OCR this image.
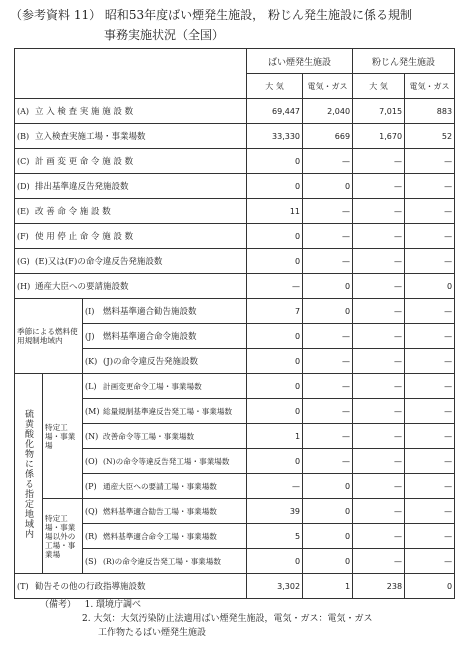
（参考資料 11） 昭和53年度ばい煙発生施設， 粉じん発生施設に係る規制
事務実施状況（全国）
			ばい煙発生施設		粉じん発生施設	
			大 気	電気・ガス	大 気	電気・ガス
(A) 立 入 検 査 実 施 施 設 数			69,447	2,040	7,015	883
(B) 立入検査実施工場・事業場数			33,330	669	1,670	52
(C) 計 画 変 更 命 令 施 設 数			0	—	—	—
(D) 排出基準違反告発施設数			0	0	—	—
(E) 改 善 命 令 施 設 数			11	—	—	—
(F) 使 用 停 止 命 令 施 設 数			0	—	—	—
(G) (E)又は(F)の命令違反告発施設数			0	—	—	—
(H) 通産大臣への要請施設数			—	0	—	0
季節による燃料使用規制地域内		(I) 燃料基準適合勧告施設数	7	0	—	—
		(J) 燃料基準適合命令施設数	0	—	—	—
		(K) (J)の命令違反告発施設数	0	—	—	—
硫黄酸化物に係る指定地域内	特定工場・事業場	(L) 計画変更命令工場・事業場数	0	—	—	—
		(M) 総量規制基準違反告発工場・事業場数	0	—	—	—
		(N) 改善命令等工場・事業場数	1	—	—	—
		(O) (N)の命令等違反告発工場・事業場数	0	—	—	—
		(P) 通産大臣への要請工場・事業場数	—	0	—	—
	特定工場・事業場以外の工場・事業場	(Q) 燃料基準適合勧告工場・事業場数	39	0	—	—
		(R) 燃料基準適合命令工場・事業場数	5	0	—	—
		(S) (R)の命令違反告発工場・事業場数	0	0	—	—
(T) 勧告その他の行政指導施設数			3,302	1	238	0
（備考） 1. 環境庁調べ
2. 大気：大気汚染防止法適用ばい煙発生施設，電気・ガス：電気・ガス
工作物たるばい煙発生施設
